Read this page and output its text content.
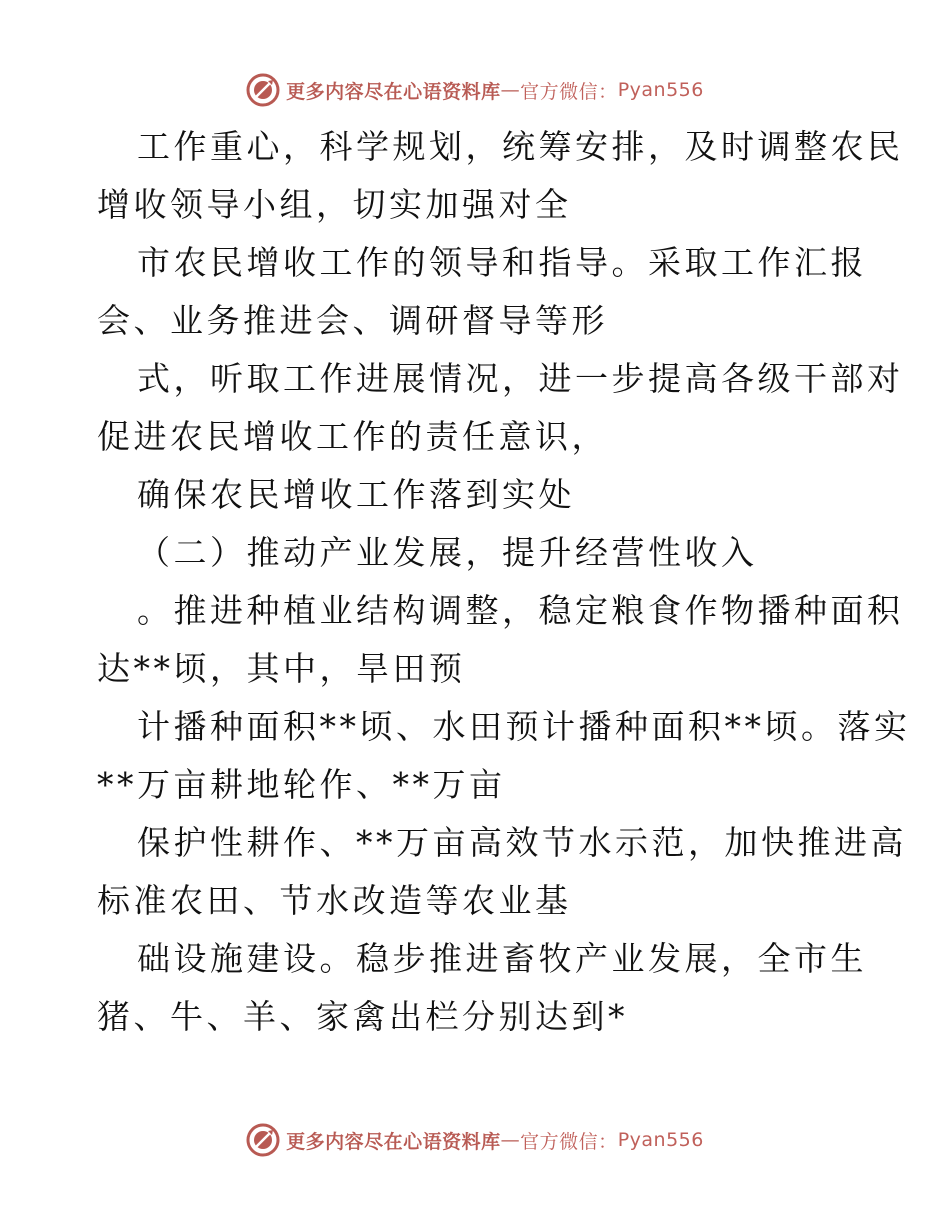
更多内容尽在心语资料库 — 官方微信： Pyan556
工作重心，科学规划，统筹安排，及时调整农民
增收领导小组，切实加强对全
市农民增收工作的领导和指导。采取工作汇报
会、业务推进会、调研督导等形
式，听取工作进展情况，进一步提高各级干部对
促进农民增收工作的责任意识，
确保农民增收工作落到实处
（二）推动产业发展，提升经营性收入
。推进种植业结构调整，稳定粮食作物播种面积
达**顷，其中，旱田预
计播种面积**顷、水田预计播种面积**顷。落实
**万亩耕地轮作、**万亩
保护性耕作、**万亩高效节水示范，加快推进高
标准农田、节水改造等农业基
础设施建设。稳步推进畜牧产业发展，全市生
猪、牛、羊、家禽出栏分别达到*
更多内容尽在心语资料库 — 官方微信： Pyan556
